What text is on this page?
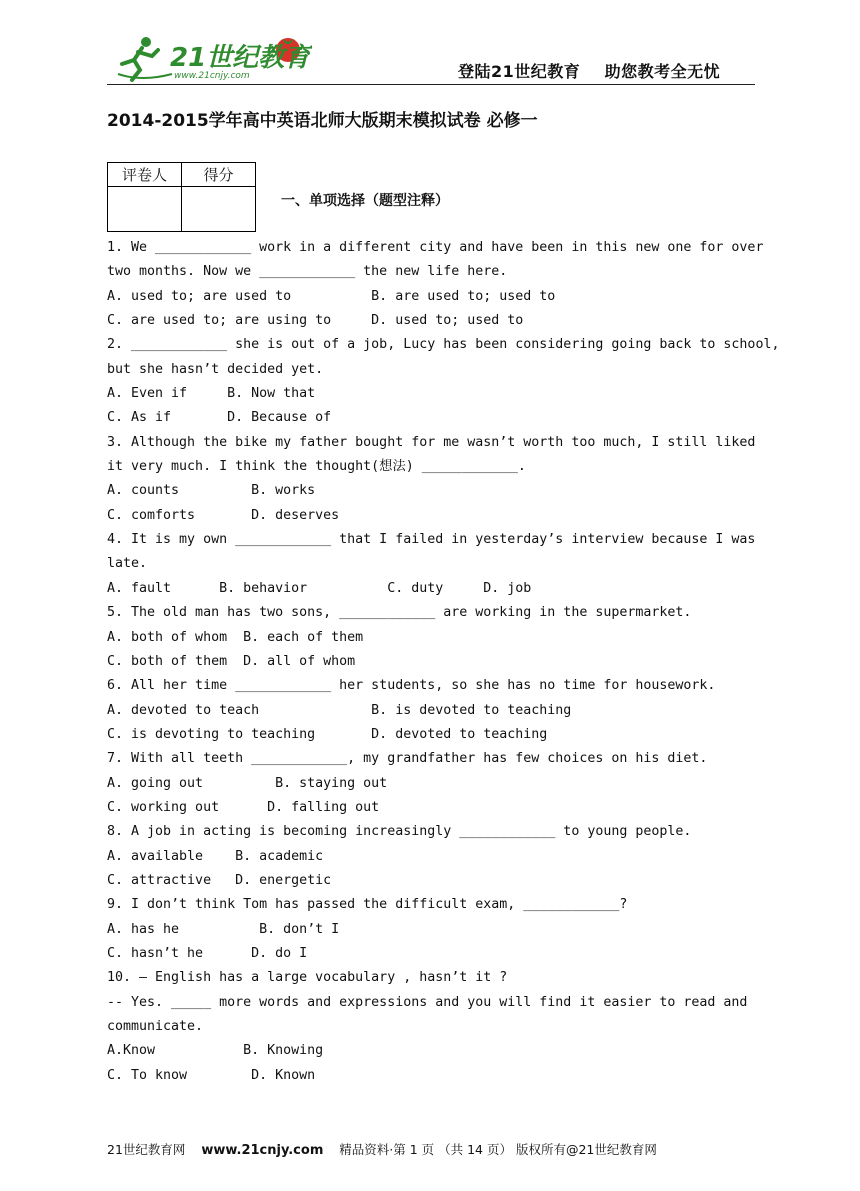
21世纪教育
www.21cnjy.com	登陆21世纪教育 助您教考全无忧
2014-2015学年高中英语北师大版期末模拟试卷 必修一
评卷人	得分

一、单项选择（题型注释）
1. We ____________ work in a different city and have been in this new one for over
two months. Now we ____________ the new life here.
A. used to; are used to          B. are used to; used to
C. are used to; are using to     D. used to; used to
2. ____________ she is out of a job, Lucy has been considering going back to school,
but she hasn’t decided yet.
A. Even if     B. Now that
C. As if       D. Because of
3. Although the bike my father bought for me wasn’t worth too much, I still liked
it very much. I think the thought(想法) ____________.
A. counts         B. works
C. comforts       D. deserves
4. It is my own ____________ that I failed in yesterday’s interview because I was
late.
A. fault      B. behavior          C. duty     D. job
5. The old man has two sons, ____________ are working in the supermarket.
A. both of whom  B. each of them
C. both of them  D. all of whom
6. All her time ____________ her students, so she has no time for housework.
A. devoted to teach              B. is devoted to teaching
C. is devoting to teaching       D. devoted to teaching
7. With all teeth ____________, my grandfather has few choices on his diet.
A. going out         B. staying out
C. working out      D. falling out
8. A job in acting is becoming increasingly ____________ to young people.
A. available    B. academic
C. attractive   D. energetic
9. I don’t think Tom has passed the difficult exam, ____________?
A. has he          B. don’t I
C. hasn’t he      D. do I
10. – English has a large vocabulary , hasn’t it ?
-- Yes. _____ more words and expressions and you will find it easier to read and
communicate.
A.Know           B. Knowing
C. To know        D. Known
21世纪教育网 www.21cnjy.com 精品资料·第 1 页 （共 14 页） 版权所有@21世纪教育网
